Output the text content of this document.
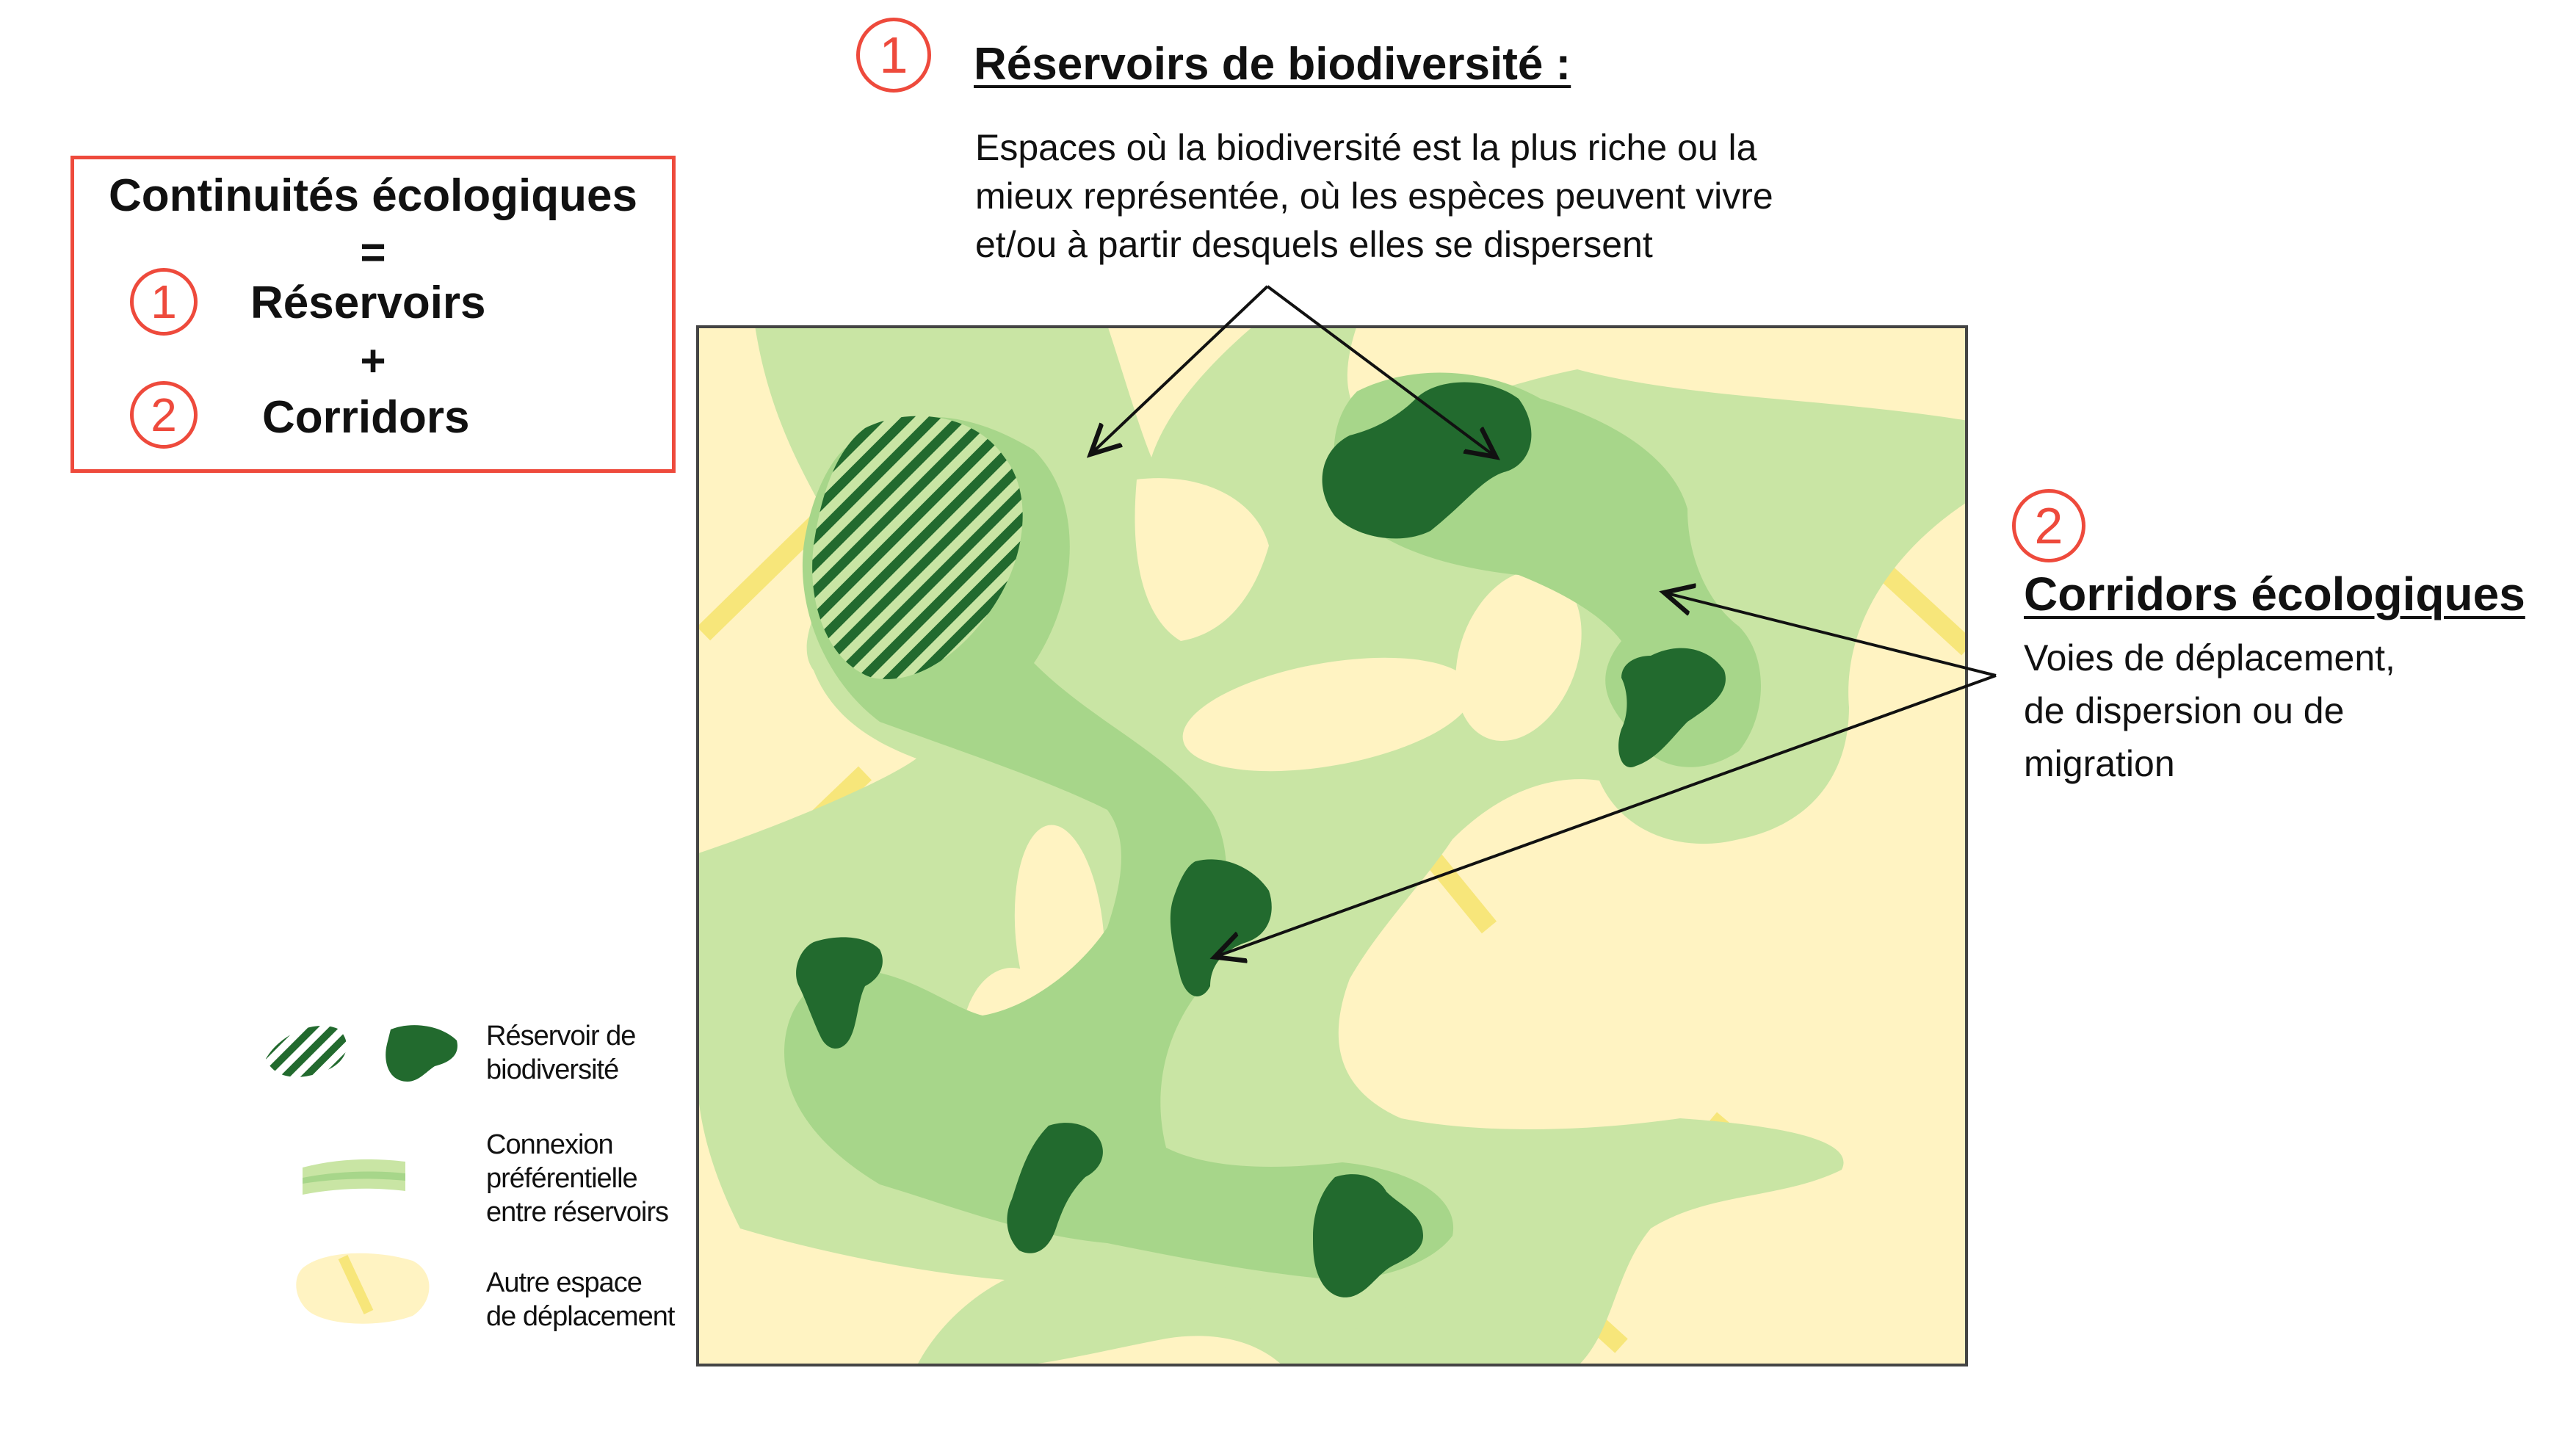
Continuités écologiques
=
1	Réservoirs
+
2	Corridors
1	Réservoirs de biodiversité :
Espaces où la biodiversité est la plus riche ou la
mieux représentée, où les espèces peuvent vivre
et/ou à partir desquels elles se dispersent
2
Corridors écologiques
Voies de déplacement,
de dispersion ou de
migration
Réservoir de
biodiversité
Connexion
préférentielle
entre réservoirs
Autre espace
de déplacement
